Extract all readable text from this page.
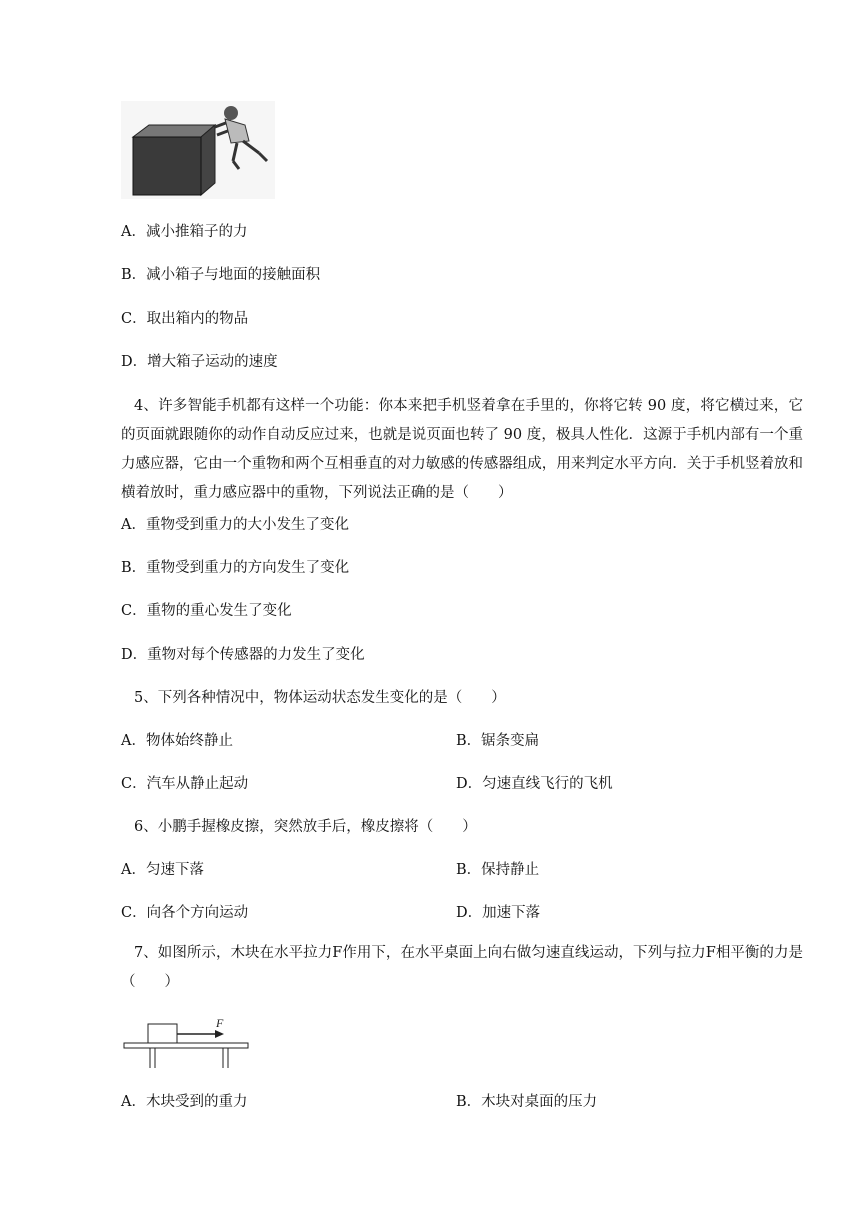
A．减小推箱子的力
B．减小箱子与地面的接触面积
C．取出箱内的物品
D．增大箱子运动的速度
4、许多智能手机都有这样一个功能：你本来把手机竖着拿在手里的，你将它转 90 度，将它横过来，它的页面就跟随你的动作自动反应过来，也就是说页面也转了 90 度，极具人性化．这源于手机内部有一个重力感应器，它由一个重物和两个互相垂直的对力敏感的传感器组成，用来判定水平方向．关于手机竖着放和横着放时，重力感应器中的重物，下列说法正确的是（　　）
A．重物受到重力的大小发生了变化
B．重物受到重力的方向发生了变化
C．重物的重心发生了变化
D．重物对每个传感器的力发生了变化
5、下列各种情况中，物体运动状态发生变化的是（　　）
A．物体始终静止	B．锯条变扁
C．汽车从静止起动	D．匀速直线飞行的飞机
6、小鹏手握橡皮擦，突然放手后，橡皮擦将（　　）
A．匀速下落	B．保持静止
C．向各个方向运动	D．加速下落
7、如图所示，木块在水平拉力F作用下，在水平桌面上向右做匀速直线运动，下列与拉力F相平衡的力是（　　）
F
A．木块受到的重力	B．木块对桌面的压力
